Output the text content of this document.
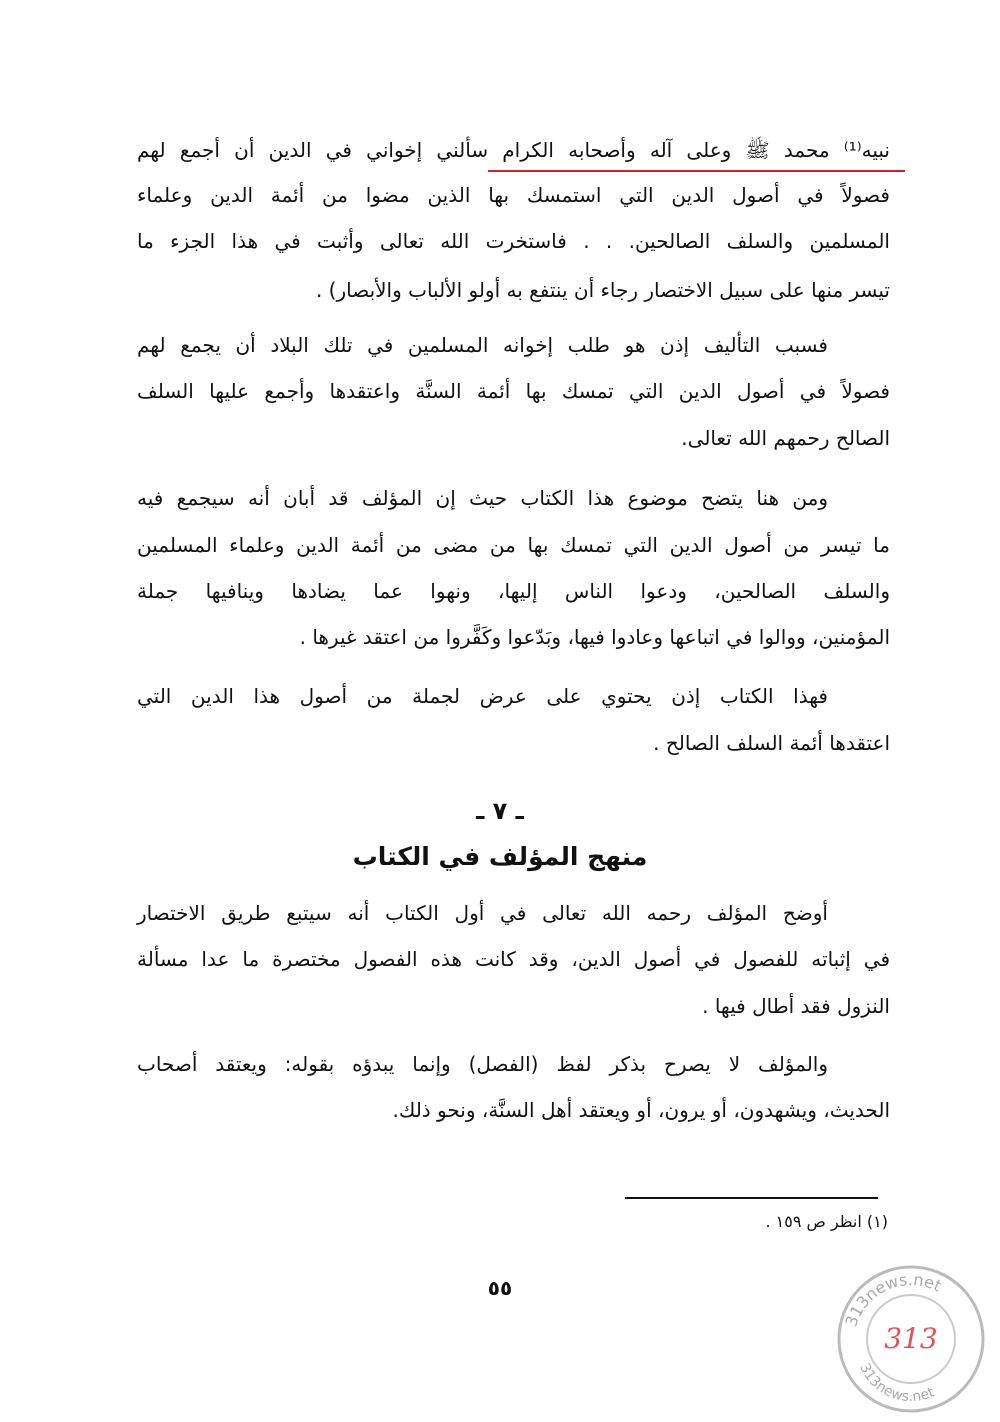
نبيه⁽¹⁾ محمد ﷺ وعلى آله وأصحابه الكرام سألني إخواني في الدين أن أجمع لهم
فصولاً في أصول الدين التي استمسك بها الذين مضوا من أئمة الدين وعلماء
المسلمين والسلف الصالحين. . . فاستخرت الله تعالى وأثبت في هذا الجزء ما
تيسر منها على سبيل الاختصار رجاء أن ينتفع به أولو الألباب والأبصار) .
فسبب التأليف إذن هو طلب إخوانه المسلمين في تلك البلاد أن يجمع لهم
فصولاً في أصول الدين التي تمسك بها أئمة السنَّة واعتقدها وأجمع عليها السلف
الصالح رحمهم الله تعالى.
ومن هنا يتضح موضوع هذا الكتاب حيث إن المؤلف قد أبان أنه سيجمع فيه
ما تيسر من أصول الدين التي تمسك بها من مضى من أئمة الدين وعلماء المسلمين
والسلف الصالحين، ودعوا الناس إليها، ونهوا عما يضادها وينافيها جملة
المؤمنين، ووالوا في اتباعها وعادوا فيها، وبَدّعوا وكَفَّروا من اعتقد غيرها .
فهذا الكتاب إذن يحتوي على عرض لجملة من أصول هذا الدين التي
اعتقدها أئمة السلف الصالح .
أوضح المؤلف رحمه الله تعالى في أول الكتاب أنه سيتبع طريق الاختصار
في إثباته للفصول في أصول الدين، وقد كانت هذه الفصول مختصرة ما عدا مسألة
النزول فقد أطال فيها .
والمؤلف لا يصرح بذكر لفظ (الفصل) وإنما يبدؤه بقوله: ويعتقد أصحاب
الحديث، ويشهدون، أو يرون، أو ويعتقد أهل السنَّة، ونحو ذلك.
ـ ٧ ـ
منهج المؤلف في الكتاب
(١) انظر ص ١٥٩ .
٥٥
313news.net
313news.net
313
